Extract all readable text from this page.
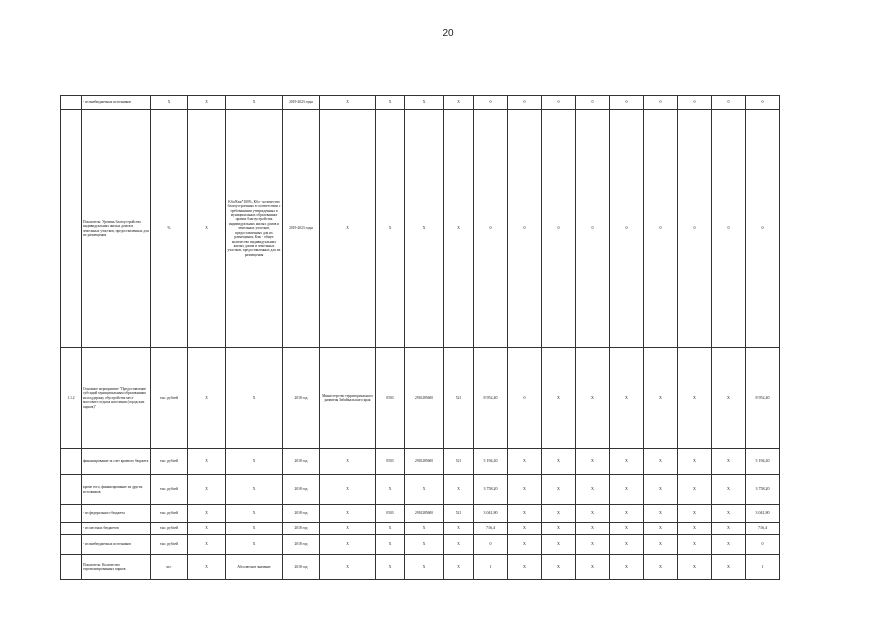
20
	- из внебюджетных источников	X	X	X	2019-2023 годы	X	X	X	X	0	0	0	0	0	0	0	0	0
	Показатель: Уровень благоустройства индивидуальных жилых домов и земельных участков, предоставленных для их размещения	%	X	Kбл/Кэж*100%, Кбл - количество благоустроенных в соответствии с требованиями утвержденных в муниципальных образованиях правил благоустройства индивидуальных жилых домов и земельных участков, предоставленных для их размещения; Кэж - общее количество индивидуальных жилых домов и земельных участков, предоставленных для их размещения	2019-2023 годы	X	X	X	X	0	0	0	0	0	0	0	0	0
1.1.2	Основное мероприятие "Предоставление субсидий муниципальным образованиям на поддержку обустройства мест массового отдыха населения (городских парков)"	тыс. рублей	X	X	2018 год	Министерство территориального развития Забайкальского края	0503	2910285600	521	8 952,40	0	X	X	X	X	X	X	8 952,40
	финансирование за счет краевого бюджета	тыс. рублей	X	X	2018 год	X	0503	2910285600	521	5 194,20	X	X	X	X	X	X	X	5 194,20
	кроме того, финансирование из других источников	тыс. рублей	X	X	2018 год	X	X	X	X	3 758,20	X	X	X	X	X	X	X	3 758,20
	- из федерального бюджета	тыс. рублей	X	X	2018 год	X	0503	2910285600	521	3 041,80	X	X	X	X	X	X	X	3 041,80
	- из местных бюджетов	тыс. рублей	X	X	2018 год	X	X	X	X	716,4	X	X	X	X	X	X	X	716,4
	- из внебюджетных источников	тыс. рублей	X	X	2018 год	X	X	X	X	0	X	X	X	X	X	X	X	0
	Показатель: Количество отремонтированных парков	шт.	X	Абсолютное значение	2018 год	X	X	X	X	1	X	X	X	X	X	X	X	1
